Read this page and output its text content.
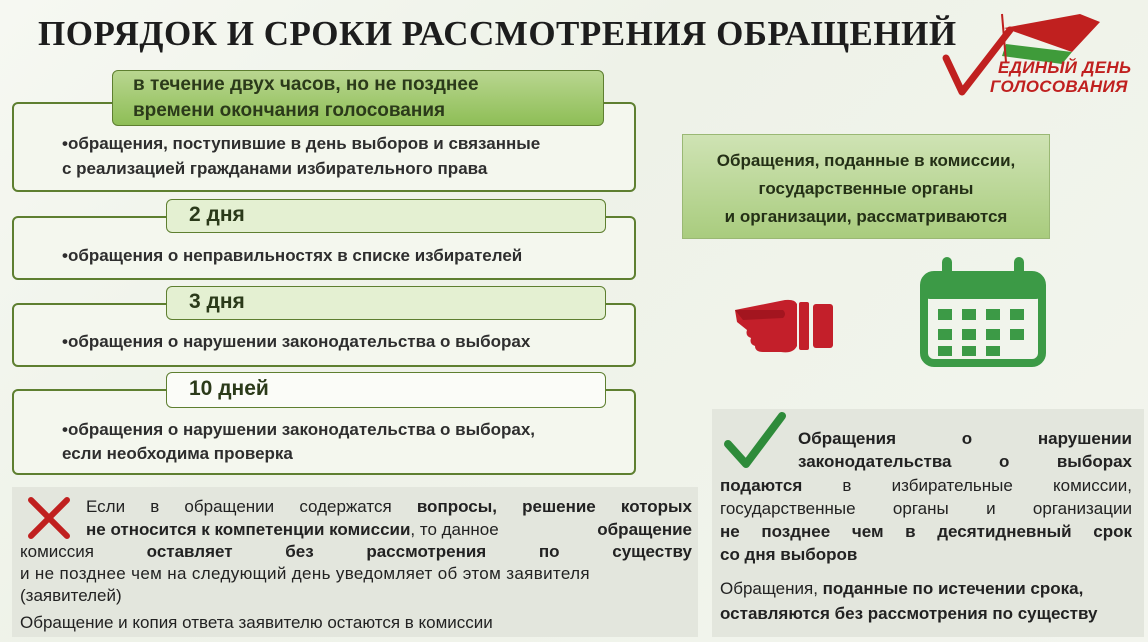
ПОРЯДОК И СРОКИ РАССМОТРЕНИЯ ОБРАЩЕНИЙ
ЕДИНЫЙ ДЕНЬ
ГОЛОСОВАНИЯ
в течение двух часов, но не позднее
времени окончания голосования
•обращения, поступившие в день выборов и связанные
с реализацией гражданами избирательного права
2 дня
•обращения о неправильностях в списке избирателей
3 дня
•обращения о нарушении законодательства о выборах
10 дней
•обращения о нарушении законодательства о выборах,
если необходима проверка
Обращения, поданные в комиссии,
государственные органы
и организации, рассматриваются
Если в обращении содержатся вопросы, решение которых
не относится к компетенции комиссии, то данное	обращение
комиссия	оставляет	без	рассмотрения	по	существу
и не позднее чем на следующий день уведомляет об этом заявителя
(заявителей)
Обращение и копия ответа заявителю остаются в комиссии
Обращения	о	нарушении
законодательства	о	выборах
подаются в избирательные комиссии,
государственные органы и организации
не позднее чем в десятидневный срок
со дня выборов
Обращения, поданные по истечении срока,
оставляются без рассмотрения по существу
